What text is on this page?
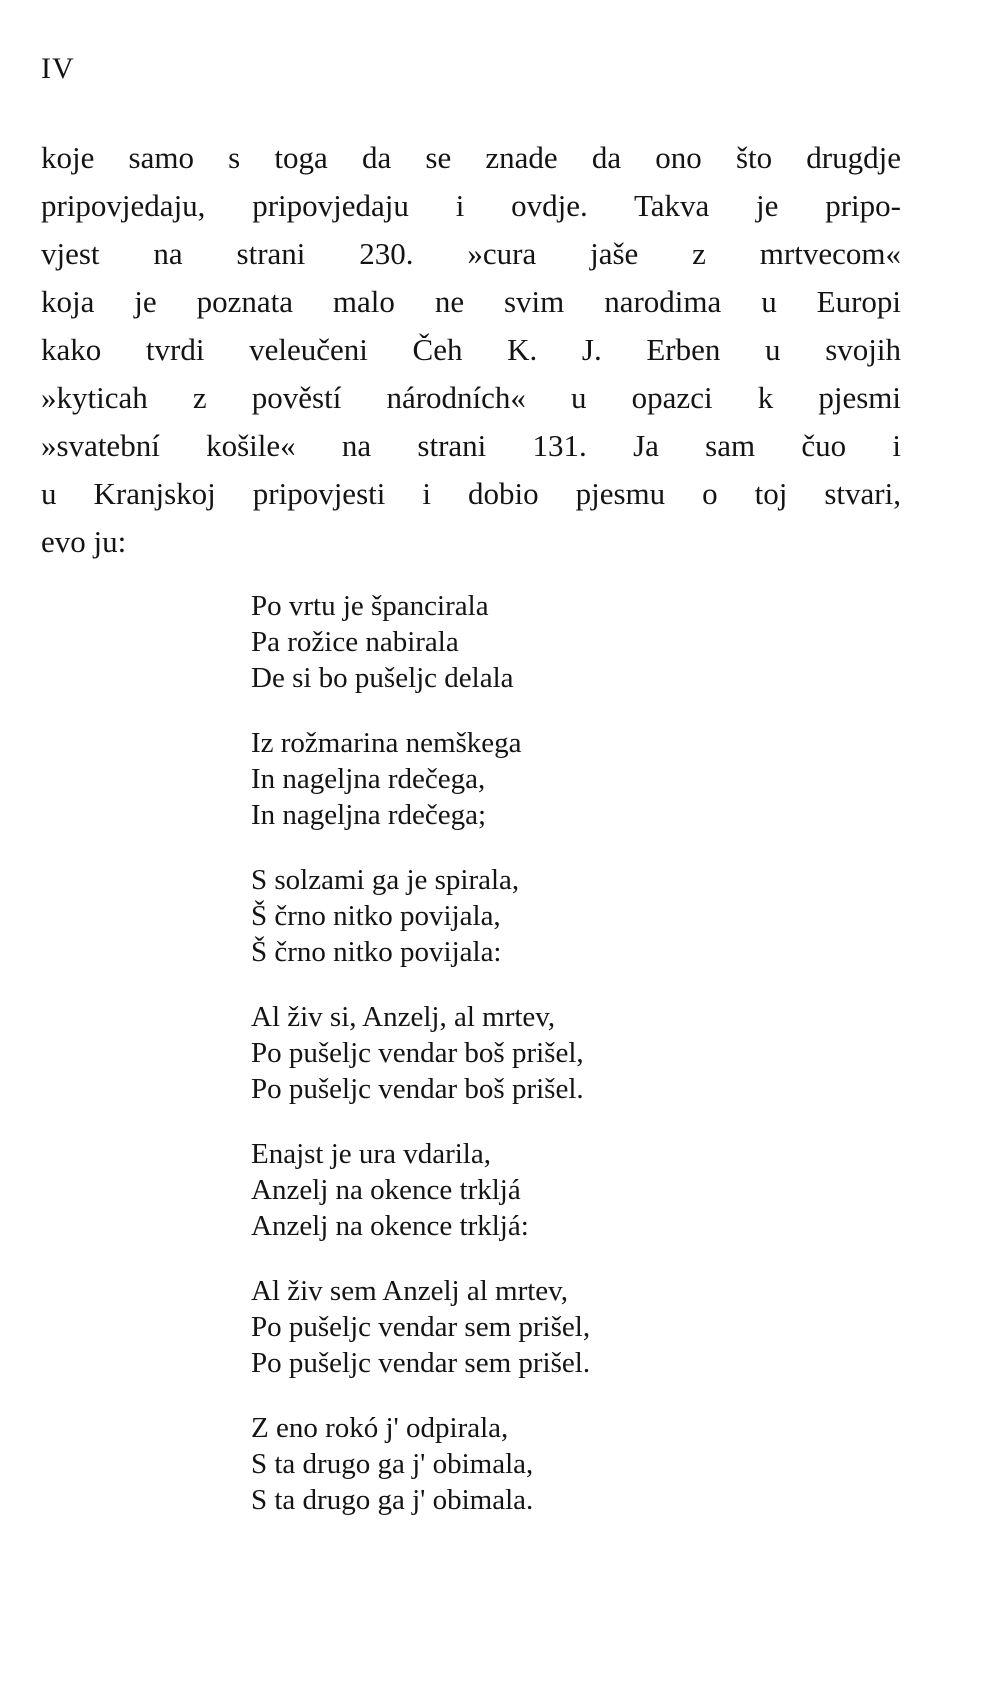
IV
koje samo s toga da se znade da ono što drugdje
pripovjedaju, pripovjedaju i ovdje. Takva je pripo-
vjest na strani 230. »cura jaše z mrtvecom«
koja je poznata malo ne svim narodima u Europi
kako tvrdi veleučeni Čeh K. J. Erben u svojih
»kyticah z pověstí národních« u opazci k pjesmi
»svatební košile« na strani 131. Ja sam čuo i
u Kranjskoj pripovjesti i dobio pjesmu o toj stvari,
evo ju:
Po vrtu je špancirala
Pa rožice nabirala
De si bo pušeljc delala
Iz rožmarina nemškega
In nageljna rdečega,
In nageljna rdečega;
S solzami ga je spirala,
Š črno nitko povijala,
Š črno nitko povijala:
Al živ si, Anzelj, al mrtev,
Po pušeljc vendar boš prišel,
Po pušeljc vendar boš prišel.
Enajst je ura vdarila,
Anzelj na okence trkljá
Anzelj na okence trkljá:
Al živ sem Anzelj al mrtev,
Po pušeljc vendar sem prišel,
Po pušeljc vendar sem prišel.
Z eno rokó j' odpirala,
S ta drugo ga j' obimala,
S ta drugo ga j' obimala.
